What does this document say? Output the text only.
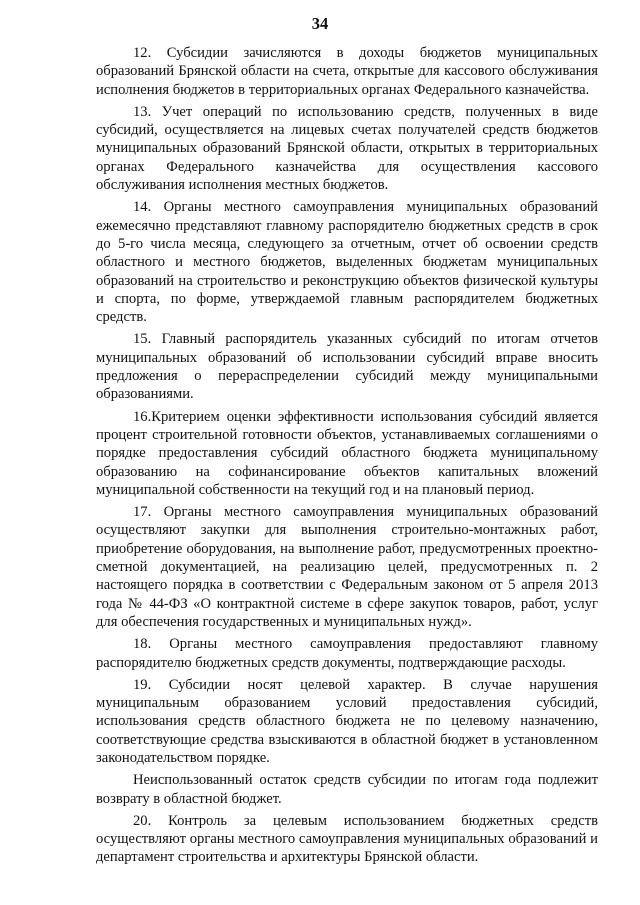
34

12. Субсидии зачисляются в доходы бюджетов муниципальных образований Брянской области на счета, открытые для кассового обслуживания исполнения бюджетов в территориальных органах Федерального казначейства.

13. Учет операций по использованию средств, полученных в виде субсидий, осуществляется на лицевых счетах получателей средств бюджетов муниципальных образований Брянской области, открытых в территориальных органах Федерального казначейства для осуществления кассового обслуживания исполнения местных бюджетов.

14. Органы местного самоуправления муниципальных образований ежемесячно представляют главному распорядителю бюджетных средств в срок до 5-го числа месяца, следующего за отчетным, отчет об освоении средств областного и местного бюджетов, выделенных бюджетам муниципальных образований на строительство и реконструкцию объектов физической культуры и спорта, по форме, утверждаемой главным распорядителем бюджетных средств.

15. Главный распорядитель указанных субсидий по итогам отчетов муниципальных образований об использовании субсидий вправе вносить предложения о перераспределении субсидий между муниципальными образованиями.

16.Критерием оценки эффективности использования субсидий является процент строительной готовности объектов, устанавливаемых соглашениями о порядке предоставления субсидий областного бюджета муниципальному образованию на софинансирование объектов капитальных вложений муниципальной собственности на текущий год и на плановый период.

17. Органы местного самоуправления муниципальных образований осуществляют закупки для выполнения строительно-монтажных работ, приобретение оборудования, на выполнение работ, предусмотренных проектно-сметной документацией, на реализацию целей, предусмотренных п. 2 настоящего порядка в соответствии с Федеральным законом от 5 апреля 2013 года № 44-ФЗ «О контрактной системе в сфере закупок товаров, работ, услуг для обеспечения государственных и муниципальных нужд».

18. Органы местного самоуправления предоставляют главному распорядителю бюджетных средств документы, подтверждающие расходы.

19. Субсидии носят целевой характер. В случае нарушения муниципальным образованием условий предоставления субсидий, использования средств областного бюджета не по целевому назначению, соответствующие средства взыскиваются в областной бюджет в установленном законодательством порядке.

Неиспользованный остаток средств субсидии по итогам года подлежит возврату в областной бюджет.

20. Контроль за целевым использованием бюджетных средств осуществляют органы местного самоуправления муниципальных образований и департамент строительства и архитектуры Брянской области.
